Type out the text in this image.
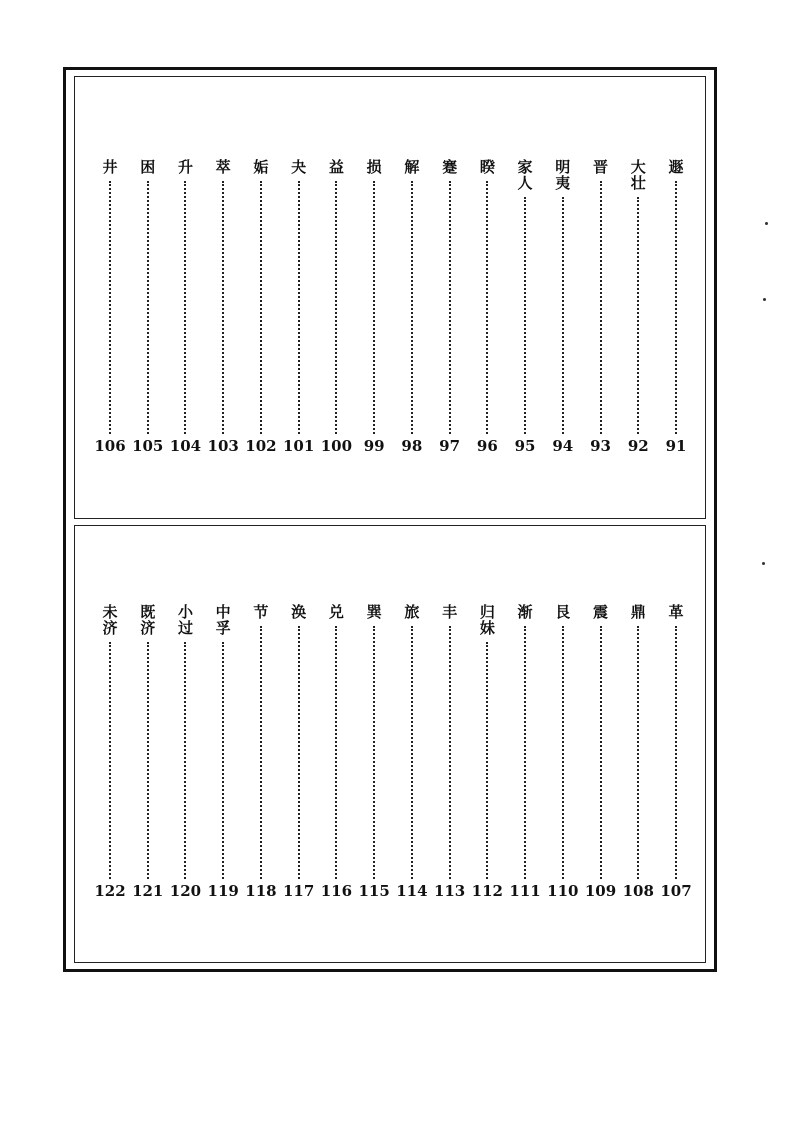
井
106
困
105
升
104
萃
103
姤
102
夬
101
益
100
损
99
解
98
蹇
97
睽
96
家
人
95
明
夷
94
晋
93
大
壮
92
遯
91
未
济
122
既
济
121
小
过
120
中
孚
119
节
118
涣
117
兑
116
巽
115
旅
114
丰
113
归
妹
112
渐
111
艮
110
震
109
鼎
108
革
107
